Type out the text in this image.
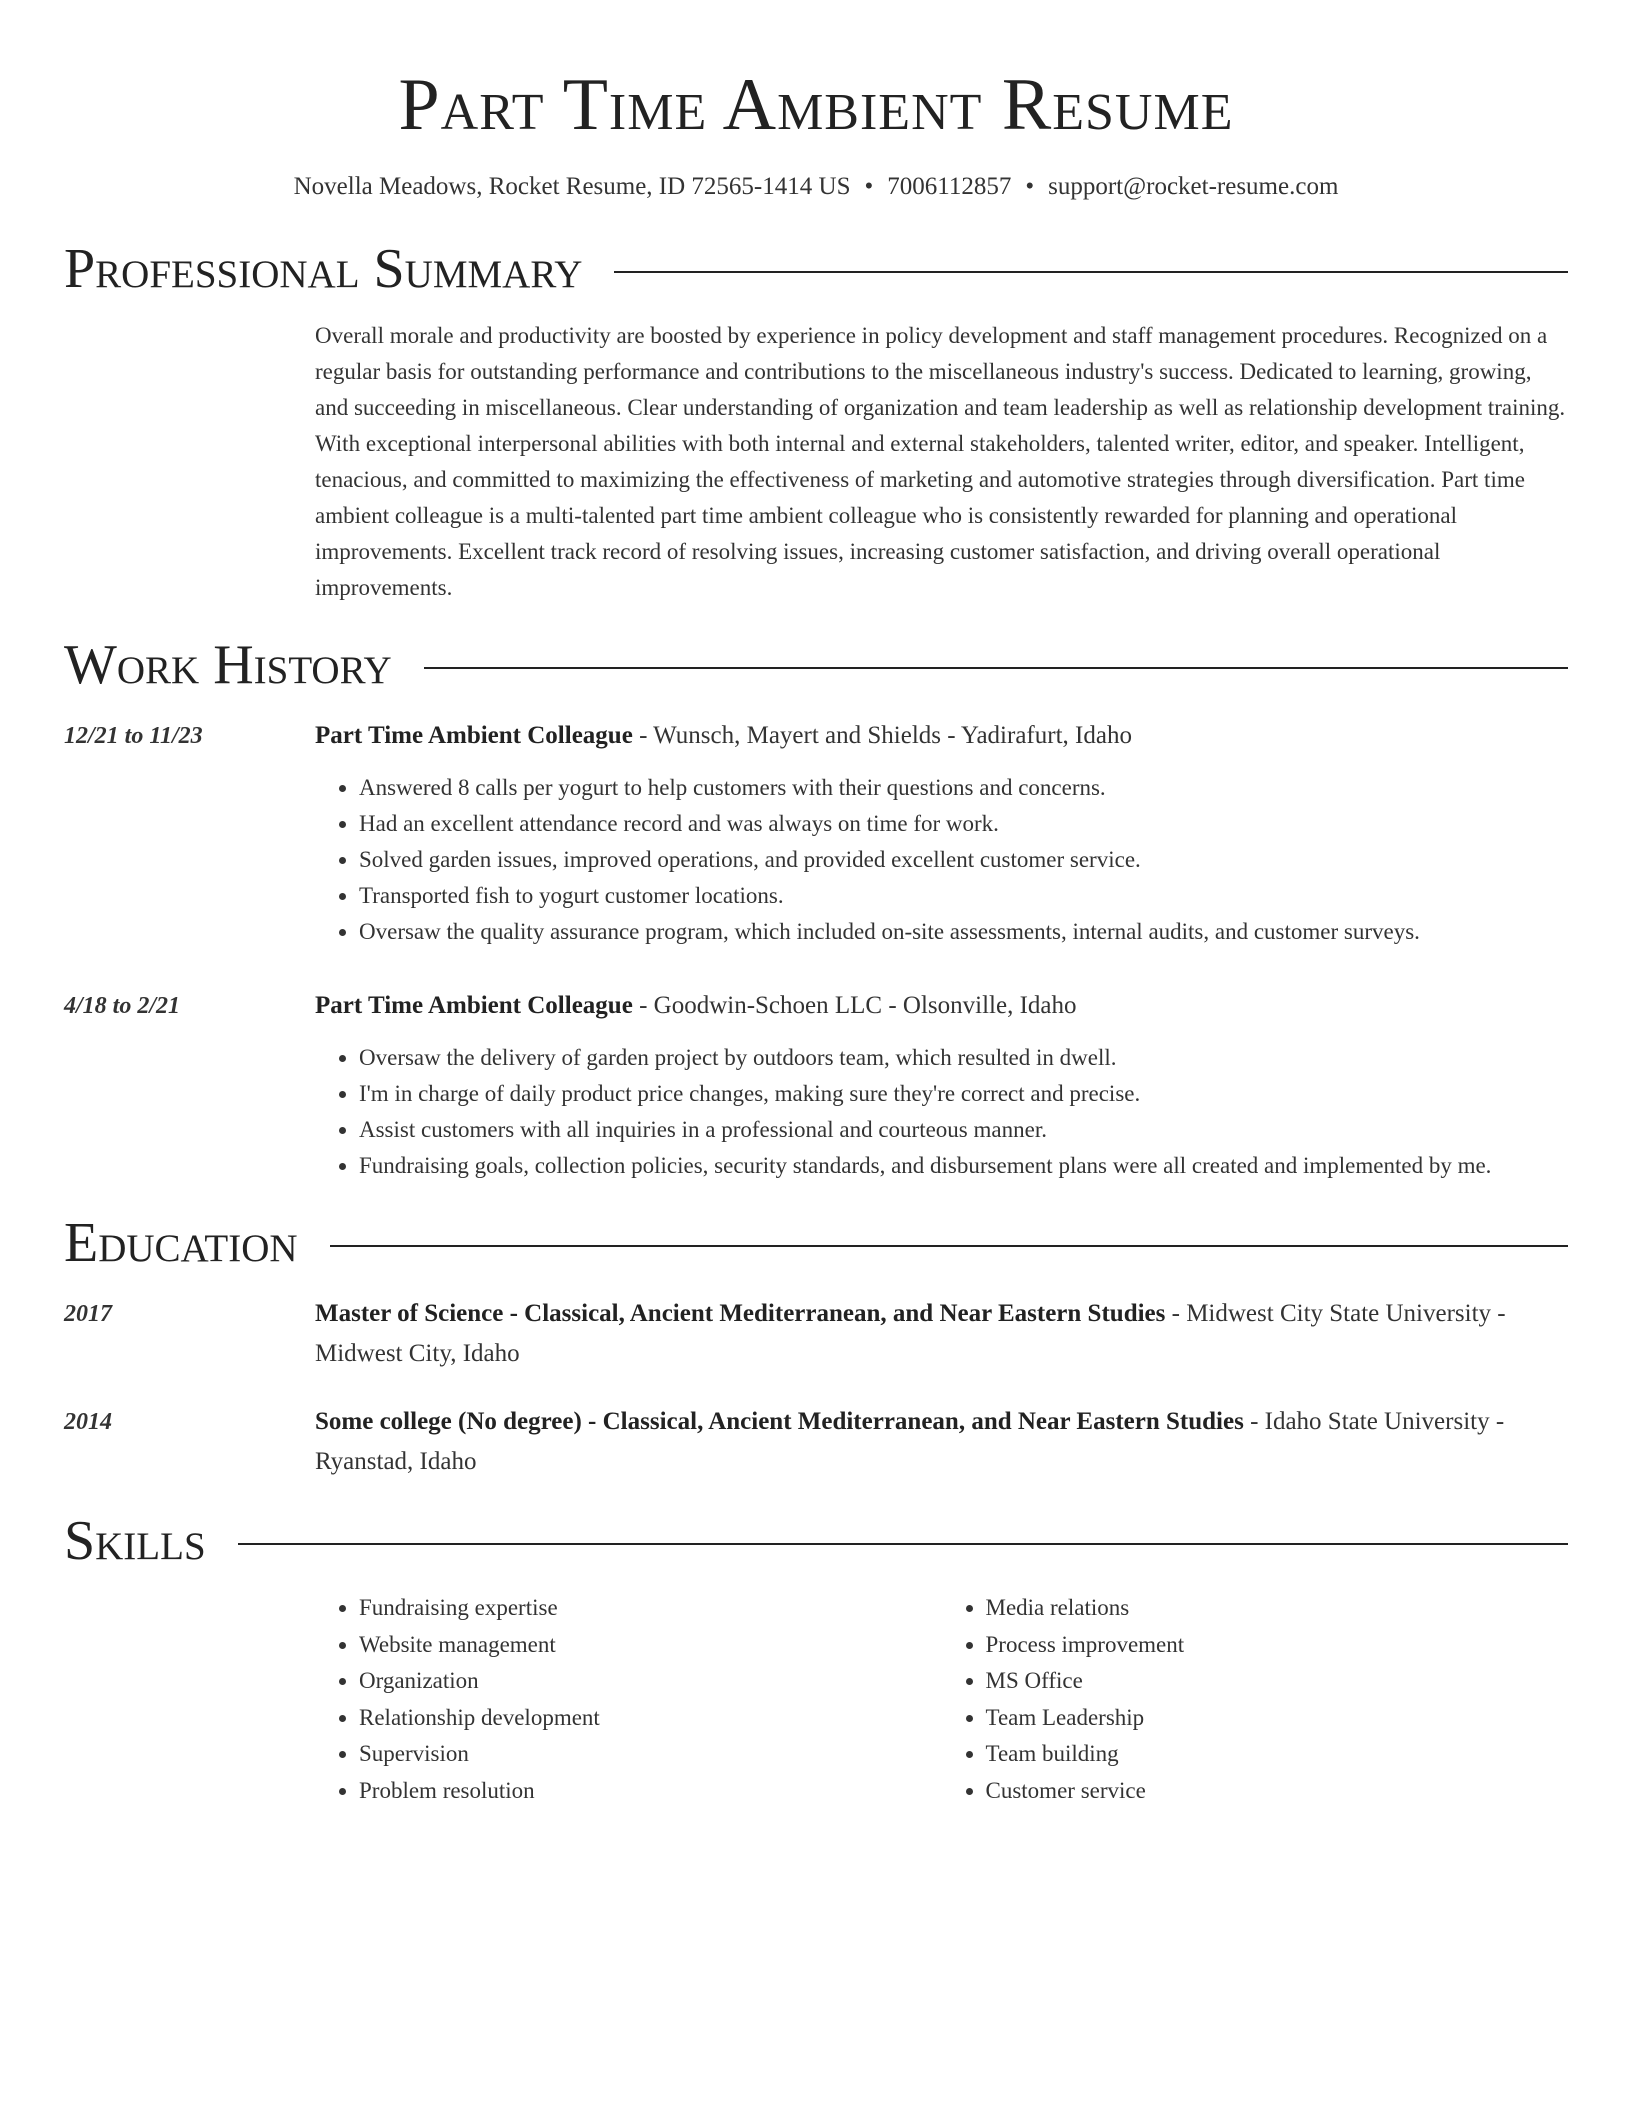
Part Time Ambient Resume
Novella Meadows, Rocket Resume, ID 72565-1414 US • 7006112857 • support@rocket-resume.com
Professional Summary
Overall morale and productivity are boosted by experience in policy development and staff management procedures. Recognized on a regular basis for outstanding performance and contributions to the miscellaneous industry's success. Dedicated to learning, growing, and succeeding in miscellaneous. Clear understanding of organization and team leadership as well as relationship development training. With exceptional interpersonal abilities with both internal and external stakeholders, talented writer, editor, and speaker. Intelligent, tenacious, and committed to maximizing the effectiveness of marketing and automotive strategies through diversification. Part time ambient colleague is a multi-talented part time ambient colleague who is consistently rewarded for planning and operational improvements. Excellent track record of resolving issues, increasing customer satisfaction, and driving overall operational improvements.
Work History
12/21 to 11/23	Part Time Ambient Colleague - Wunsch, Mayert and Shields - Yadirafurt, Idaho
• Answered 8 calls per yogurt to help customers with their questions and concerns.
• Had an excellent attendance record and was always on time for work.
• Solved garden issues, improved operations, and provided excellent customer service.
• Transported fish to yogurt customer locations.
• Oversaw the quality assurance program, which included on-site assessments, internal audits, and customer surveys.
4/18 to 2/21	Part Time Ambient Colleague - Goodwin-Schoen LLC - Olsonville, Idaho
• Oversaw the delivery of garden project by outdoors team, which resulted in dwell.
• I'm in charge of daily product price changes, making sure they're correct and precise.
• Assist customers with all inquiries in a professional and courteous manner.
• Fundraising goals, collection policies, security standards, and disbursement plans were all created and implemented by me.
Education
2017	Master of Science - Classical, Ancient Mediterranean, and Near Eastern Studies - Midwest City State University - Midwest City, Idaho
2014	Some college (No degree) - Classical, Ancient Mediterranean, and Near Eastern Studies - Idaho State University - Ryanstad, Idaho
Skills
• Fundraising expertise
• Website management
• Organization
• Relationship development
• Supervision
• Problem resolution
• Media relations
• Process improvement
• MS Office
• Team Leadership
• Team building
• Customer service
